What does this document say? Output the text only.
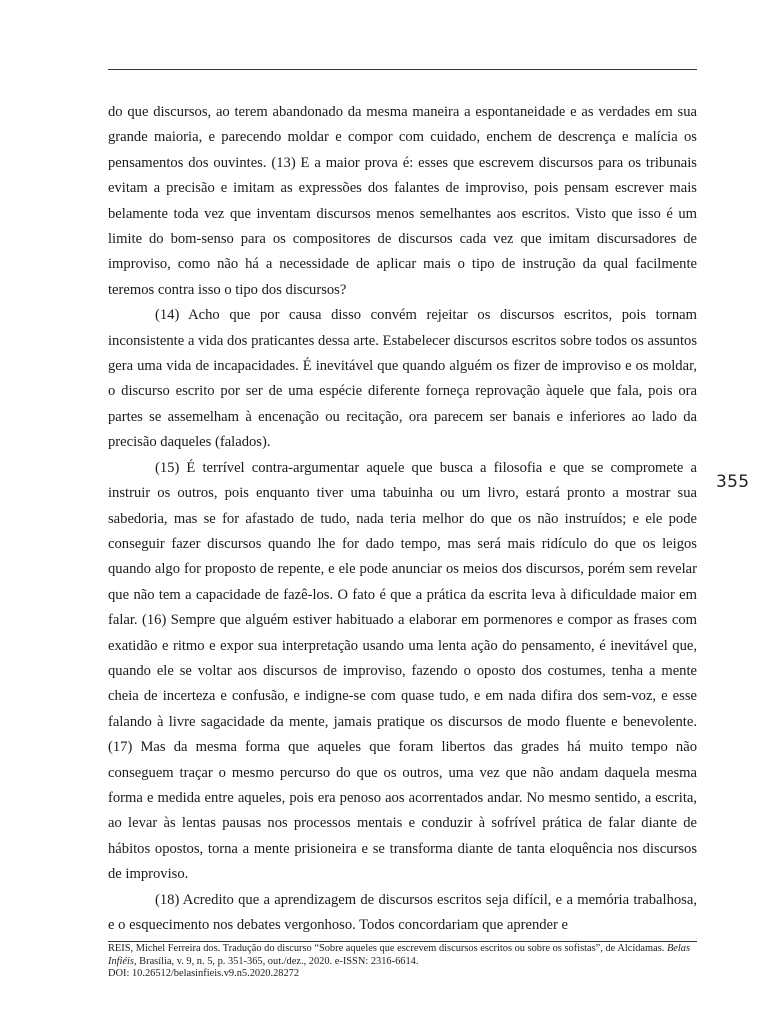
do que discursos, ao terem abandonado da mesma maneira a espontaneidade e as verdades em sua grande maioria, e parecendo moldar e compor com cuidado, enchem de descrença e malícia os pensamentos dos ouvintes. (13) E a maior prova é: esses que escrevem discursos para os tribunais evitam a precisão e imitam as expressões dos falantes de improviso, pois pensam escrever mais belamente toda vez que inventam discursos menos semelhantes aos escritos. Visto que isso é um limite do bom-senso para os compositores de discursos cada vez que imitam discursadores de improviso, como não há a necessidade de aplicar mais o tipo de instrução da qual facilmente teremos contra isso o tipo dos discursos?

(14) Acho que por causa disso convém rejeitar os discursos escritos, pois tornam inconsistente a vida dos praticantes dessa arte. Estabelecer discursos escritos sobre todos os assuntos gera uma vida de incapacidades. É inevitável que quando alguém os fizer de improviso e os moldar, o discurso escrito por ser de uma espécie diferente forneça reprovação àquele que fala, pois ora partes se assemelham à encenação ou recitação, ora parecem ser banais e inferiores ao lado da precisão daqueles (falados).

(15) É terrível contra-argumentar aquele que busca a filosofia e que se compromete a instruir os outros, pois enquanto tiver uma tabuinha ou um livro, estará pronto a mostrar sua sabedoria, mas se for afastado de tudo, nada teria melhor do que os não instruídos; e ele pode conseguir fazer discursos quando lhe for dado tempo, mas será mais ridículo do que os leigos quando algo for proposto de repente, e ele pode anunciar os meios dos discursos, porém sem revelar que não tem a capacidade de fazê-los. O fato é que a prática da escrita leva à dificuldade maior em falar. (16) Sempre que alguém estiver habituado a elaborar em pormenores e compor as frases com exatidão e ritmo e expor sua interpretação usando uma lenta ação do pensamento, é inevitável que, quando ele se voltar aos discursos de improviso, fazendo o oposto dos costumes, tenha a mente cheia de incerteza e confusão, e indigne-se com quase tudo, e em nada difira dos sem-voz, e esse falando à livre sagacidade da mente, jamais pratique os discursos de modo fluente e benevolente. (17) Mas da mesma forma que aqueles que foram libertos das grades há muito tempo não conseguem traçar o mesmo percurso do que os outros, uma vez que não andam daquela mesma forma e medida entre aqueles, pois era penoso aos acorrentados andar. No mesmo sentido, a escrita, ao levar às lentas pausas nos processos mentais e conduzir à sofrível prática de falar diante de hábitos opostos, torna a mente prisioneira e se transforma diante de tanta eloquência nos discursos de improviso.

(18) Acredito que a aprendizagem de discursos escritos seja difícil, e a memória trabalhosa, e o esquecimento nos debates vergonhoso. Todos concordariam que aprender e

355

REIS, Michel Ferreira dos. Tradução do discurso “Sobre aqueles que escrevem discursos escritos ou sobre os sofistas”, de Alcídamas. Belas Infiéis, Brasília, v. 9, n. 5, p. 351-365, out./dez., 2020. e-ISSN: 2316-6614.

DOI: 10.26512/belasinfieis.v9.n5.2020.28272
